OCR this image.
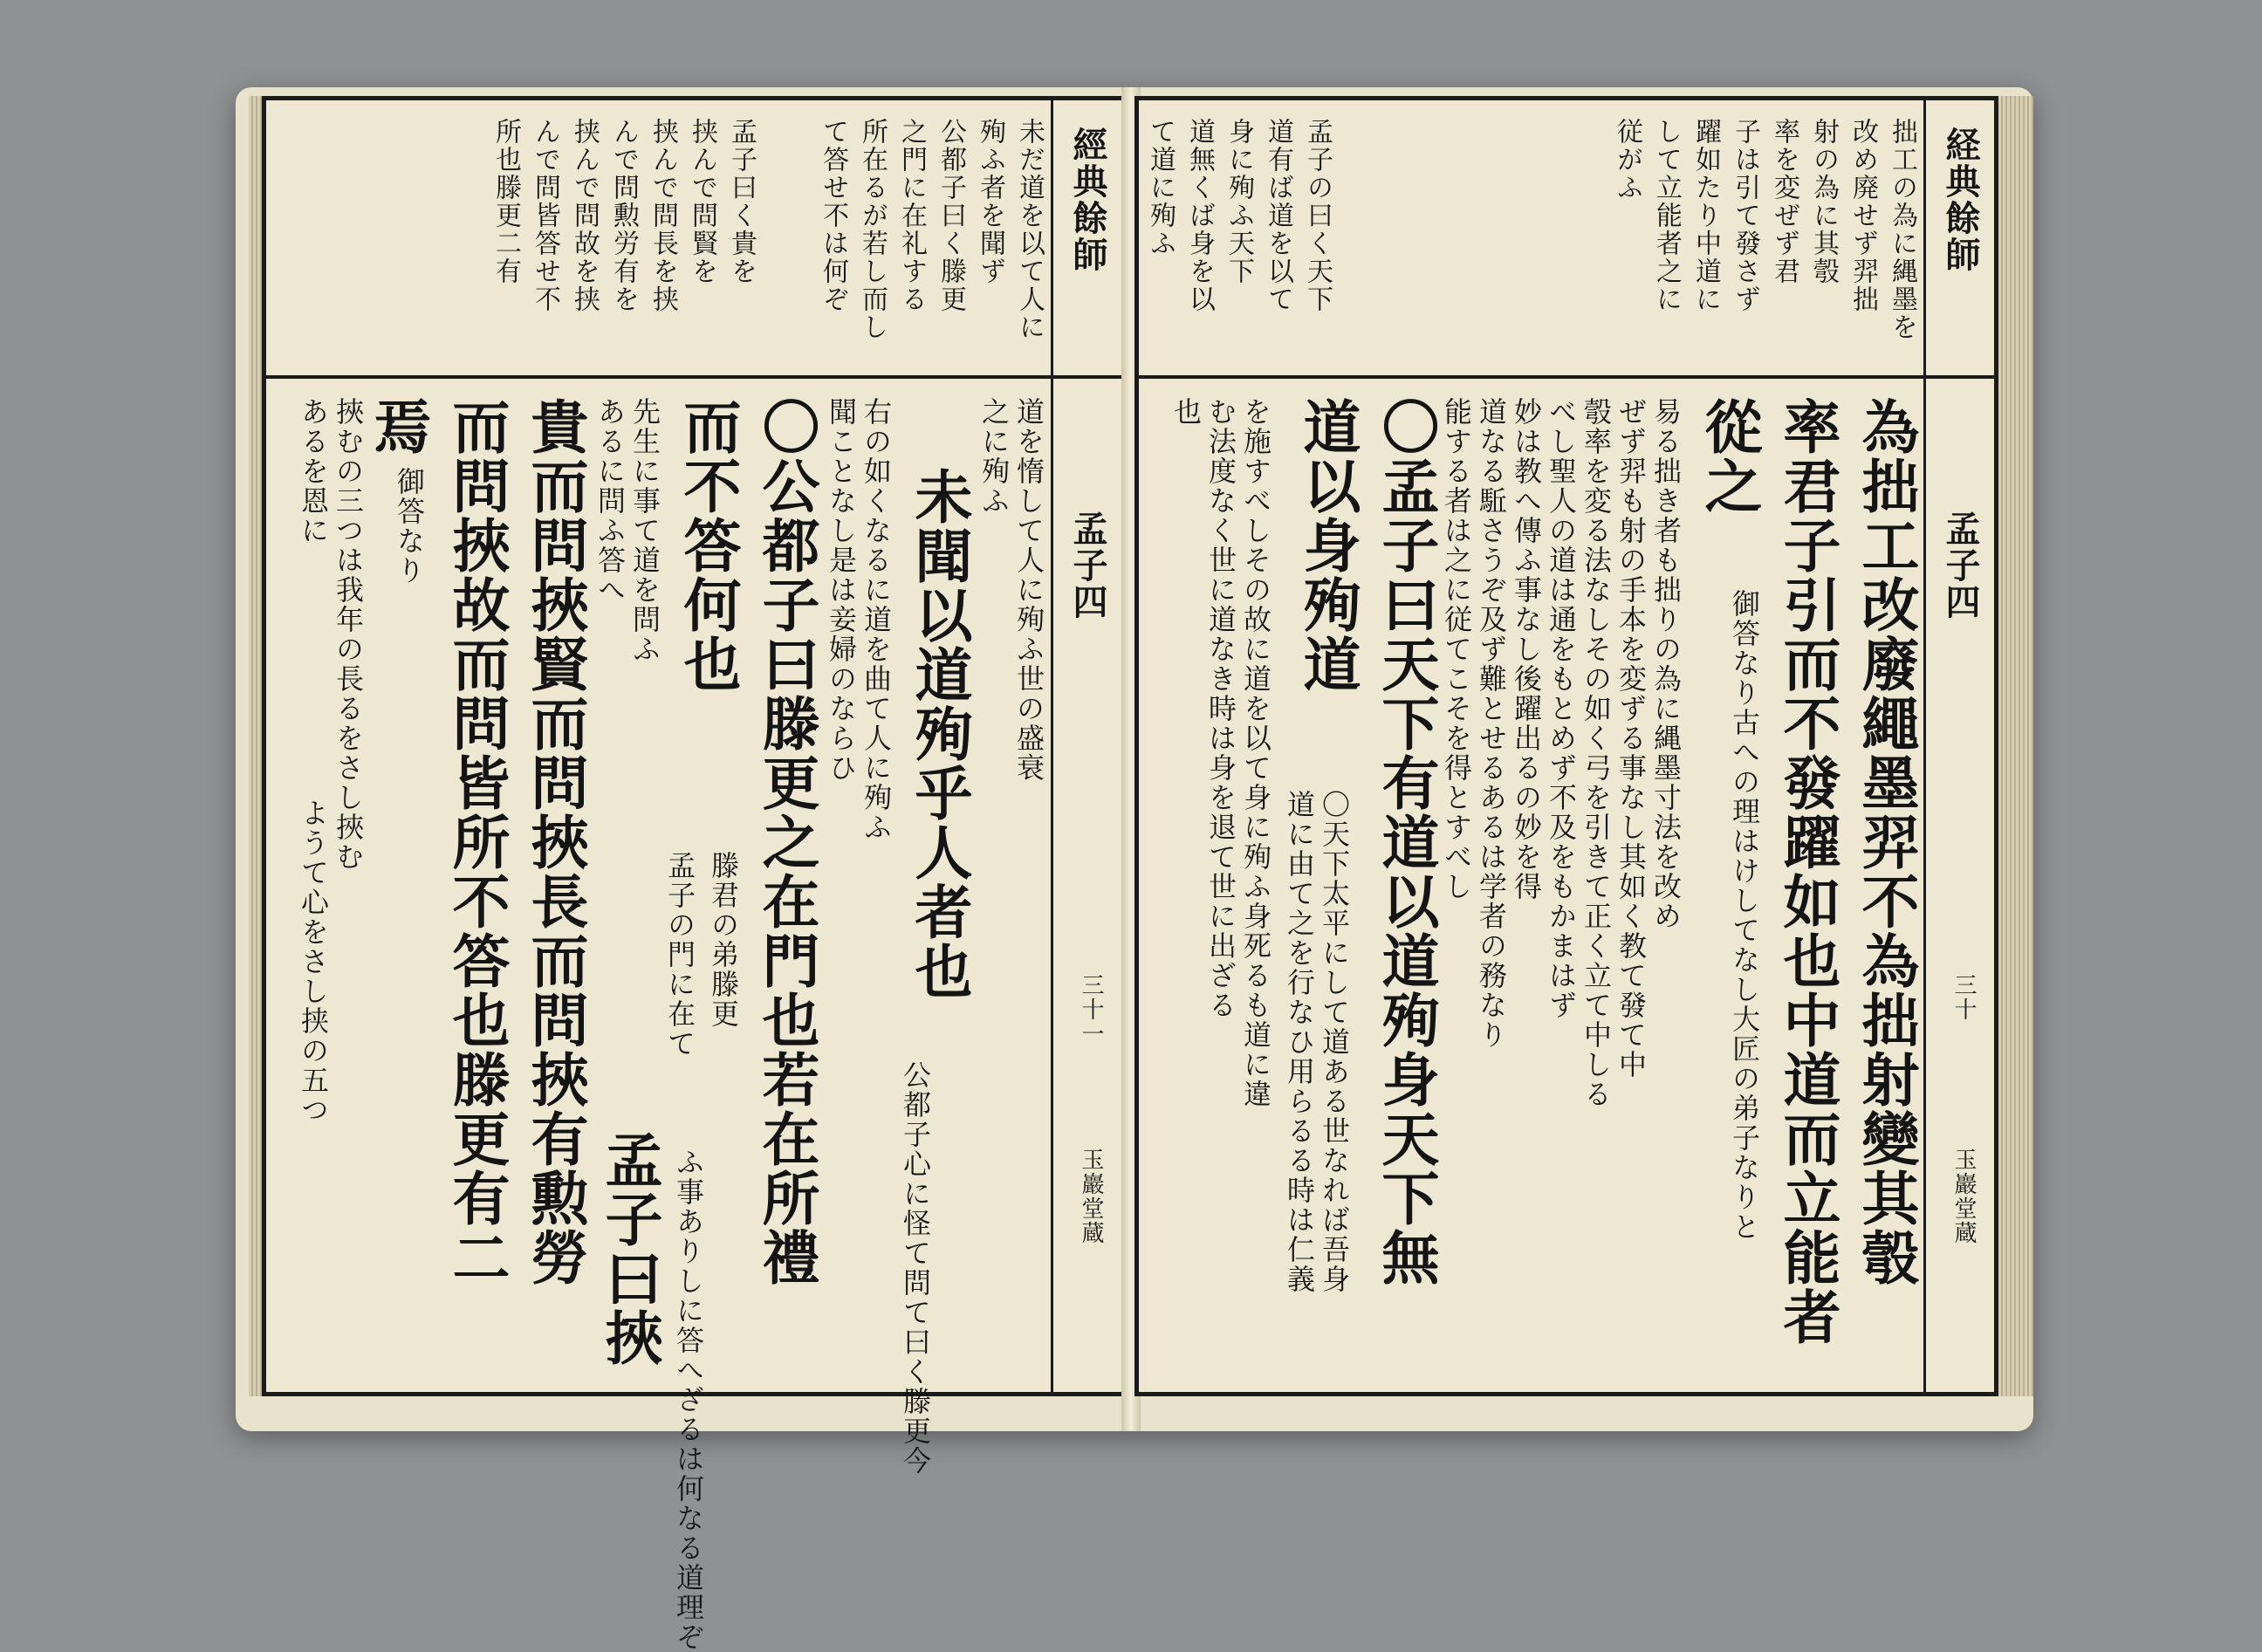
經典餘師
孟子四
三十一
玉巖堂蔵
未だ道を以て人に
殉ふ者を聞ず
公都子曰く滕更
之門に在礼する
所在るが若し而し
て答せ不は何ぞ
孟子曰く貴を
挟んで問賢を
挟んで問長を挟
んで問勲労有を
挟んで問故を挟
んで問皆答せ不
所也滕更二有
道を惰して人に殉ふ世の盛衰
之に殉ふ
未聞以道殉乎人者也
右の如くなるに道を曲て人に殉ふ
聞ことなし是は妾婦のならひ
〇公都子曰滕更之在門也若在所禮
而不答何也
滕君の弟滕更
先生に事て道を問ふ
あるに問ふ答へ
孟子曰挾
貴而問挾賢而問挾長而問挾有勲勞
而問挾故而問皆所不答也滕更有二
焉
御答なり
挾むの三つは我年の長るをさし挾む
あるを恩に
ようて心をさし挟の五つ	孟子の門に在て
公都子心に怪て問て曰く滕更今
ふ事ありしに答へざるは何なる道理ぞ
経典餘師
孟子四
三十
玉巖堂蔵
拙工の為に縄墨を
改め廃せず羿拙
射の為に其彀
率を変ぜず君
子は引て發さず
躍如たり中道に
して立能者之に
従がふ
孟子の曰く天下
道有ば道を以て
身に殉ふ天下
道無くば身を以
て道に殉ふ
為拙工改廢繩墨羿不為拙射變其彀
率君子引而不發躍如也中道而立能者
從之
御答なり古への理はけしてなし大匠の弟子なりと
易る拙き者も拙りの為に縄墨寸法を改め
ぜず羿も射の手本を変ずる事なし其如く教て發て中
彀率を変る法なしその如く弓を引きて正く立て中しる
べし聖人の道は通をもとめず不及をもかまはず
妙は教へ傳ふ事なし後躍出るの妙を得
道なる駈さうぞ及ず難とせるあるは学者の務なり
能する者は之に従てこそを得とすべし
〇孟子曰天下有道以道殉身天下無
道以身殉道
〇天下太平にして道ある世なれば吾身
道に由て之を行なひ用らるる時は仁義
を施すべしその故に道を以て身に殉ふ身死るも道に違
む法度なく世に道なき時は身を退て世に出ざる
也
